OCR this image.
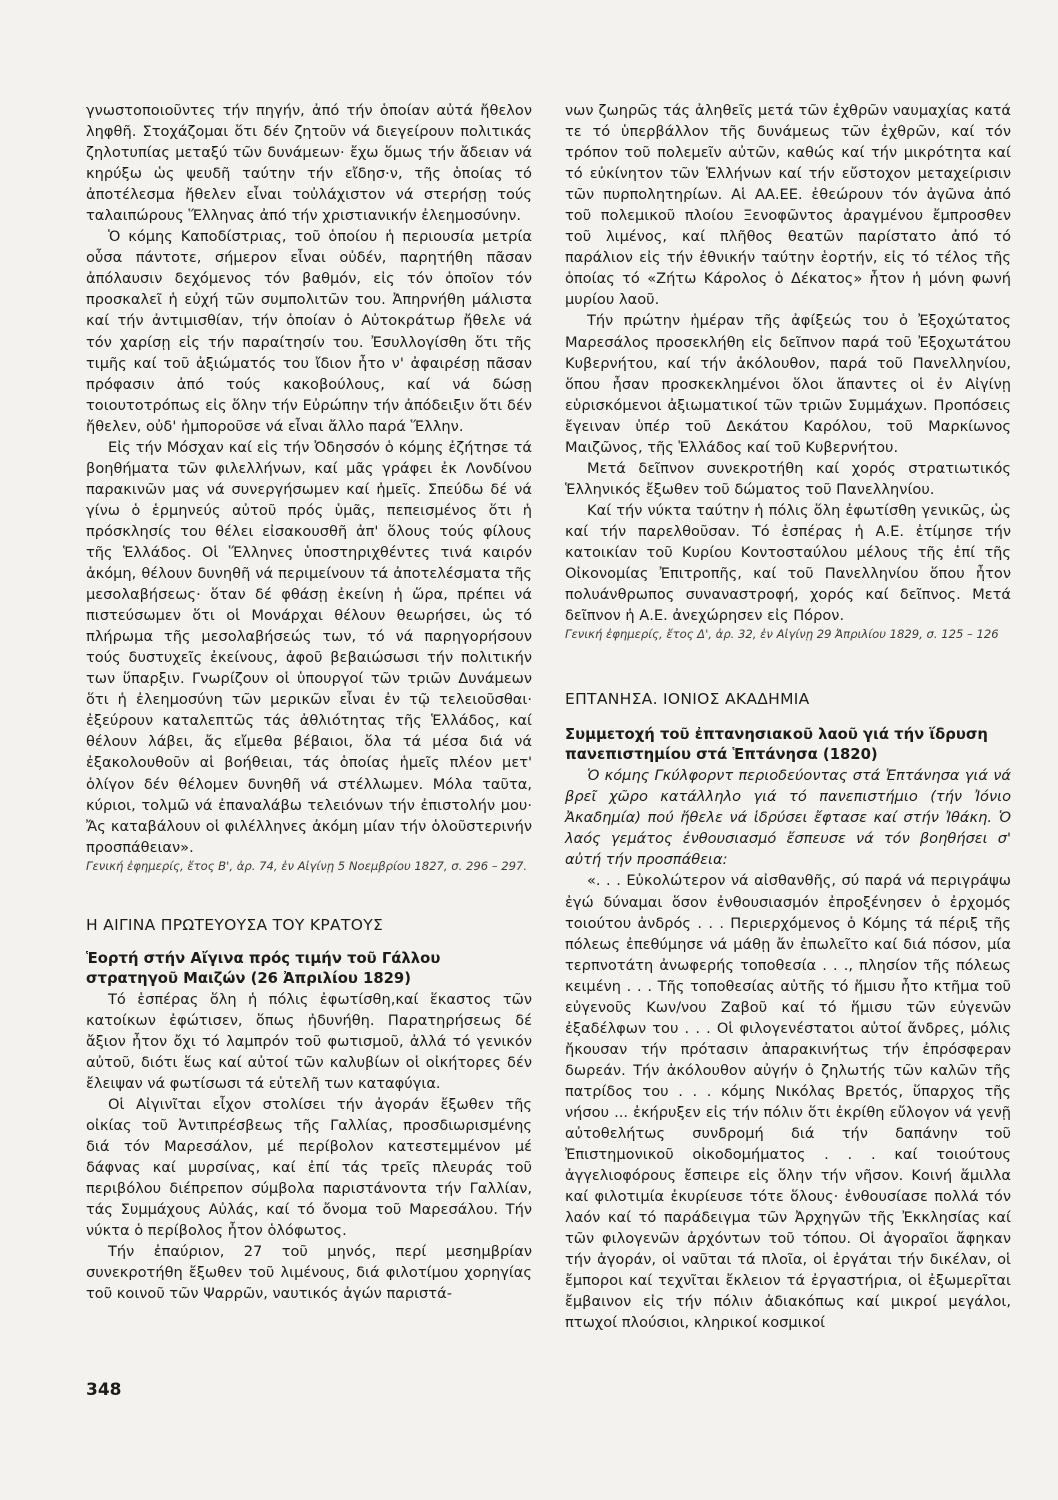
γνωστοποιοῦντες τήν πηγήν, ἀπό τήν ὁποίαν αὐτά ἤθελον ληφθῆ. Στοχάζομαι ὅτι δέν ζητοῦν νά διεγείρουν πολιτικάς ζηλοτυπίας μεταξύ τῶν δυνάμεων· ἔχω ὅμως τήν ἄδειαν νά κηρύξω ὡς ψευδῆ ταύτην τήν εἴδησ·ν, τῆς ὁποίας τό ἀποτέλεσμα ἤθελεν εἶναι τοὐλάχιστον νά στερήσῃ τούς ταλαιπώρους Ἕλληνας ἀπό τήν χριστιανικήν ἐλεημοσύνην.

Ὁ κόμης Καποδίστριας, τοῦ ὁποίου ἡ περιουσία μετρία οὖσα πάντοτε, σήμερον εἶναι οὐδέν, παρητήθη πᾶσαν ἀπόλαυσιν δεχόμενος τόν βαθμόν, εἰς τόν ὁποῖον τόν προσκαλεῖ ἡ εὐχή τῶν συμπολιτῶν του. Ἀπηρνήθη μάλιστα καί τήν ἀντιμισθίαν, τήν ὁποίαν ὁ Αὐτοκράτωρ ἤθελε νά τόν χαρίσῃ εἰς τήν παραίτησίν του. Ἐσυλλογίσθη ὅτι τῆς τιμῆς καί τοῦ ἀξιώματός του ἴδιον ἦτο ν' ἀφαιρέσῃ πᾶσαν πρόφασιν ἀπό τούς κακοβούλους, καί νά δώσῃ τοιουτοτρόπως εἰς ὅλην τήν Εὐρώπην τήν ἀπόδειξιν ὅτι δέν ἤθελεν, οὐδ' ἠμποροῦσε νά εἶναι ἄλλο παρά Ἕλλην.

Εἰς τήν Μόσχαν καί εἰς τήν Ὀδησσόν ὁ κόμης ἐζήτησε τά βοηθήματα τῶν φιλελλήνων, καί μᾶς γράφει ἐκ Λονδίνου παρακινῶν μας νά συνεργήσωμεν καί ἡμεῖς. Σπεύδω δέ νά γίνω ὁ ἑρμηνεύς αὐτοῦ πρός ὑμᾶς, πεπεισμένος ὅτι ἡ πρόσκλησίς του θέλει εἰσακουσθῆ ἀπ' ὅλους τούς φίλους τῆς Ἑλλάδος. Οἱ Ἕλληνες ὑποστηριχθέντες τινά καιρόν ἀκόμη, θέλουν δυνηθῆ νά περιμείνουν τά ἀποτελέσματα τῆς μεσολαβήσεως· ὅταν δέ φθάσῃ ἐκείνη ἡ ὥρα, πρέπει νά πιστεύσωμεν ὅτι οἱ Μονάρχαι θέλουν θεωρήσει, ὡς τό πλήρωμα τῆς μεσολαβήσεώς των, τό νά παρηγορήσουν τούς δυστυχεῖς ἐκείνους, ἀφοῦ βεβαιώσωσι τήν πολιτικήν των ὕπαρξιν. Γνωρίζουν οἱ ὑπουργοί τῶν τριῶν Δυνάμεων ὅτι ἡ ἐλεημοσύνη τῶν μερικῶν εἶναι ἐν τῷ τελειοῦσθαι· ἐξεύρουν καταλεπτῶς τάς ἀθλιότητας τῆς Ἑλλάδος, καί θέλουν λάβει, ἄς εἴμεθα βέβαιοι, ὅλα τά μέσα διά νά ἐξακολουθοῦν αἱ βοήθειαι, τάς ὁποίας ἡμεῖς πλέον μετ' ὀλίγον δέν θέλομεν δυνηθῆ νά στέλλωμεν. Μόλα ταῦτα, κύριοι, τολμῶ νά ἐπαναλάβω τελειόνων τήν ἐπιστολήν μου· Ἄς καταβάλουν οἱ φιλέλληνες ἀκόμη μίαν τήν ὁλοῦστερινήν προσπάθειαν».

Γενική ἐφημερίς, ἔτος Β', ἀρ. 74, ἐν Αἰγίνῃ 5 Νοεμβρίου 1827, σ. 296 – 297.

Η ΑΙΓΙΝΑ ΠΡΩΤΕΥΟΥΣΑ ΤΟΥ ΚΡΑΤΟΥΣ

Ἑορτή στήν Αἴγινα πρός τιμήν τοῦ Γάλλου στρατηγοῦ Μαιζών (26 Ἀπριλίου 1829)

Τό ἑσπέρας ὅλη ἡ πόλις ἐφωτίσθη,καί ἕκαστος τῶν κατοίκων ἐφώτισεν, ὅπως ἠδυνήθη. Παρατηρήσεως δέ ἄξιον ἦτον ὄχι τό λαμπρόν τοῦ φωτισμοῦ, ἀλλά τό γενικόν αὐτοῦ, διότι ἕως καί αὐτοί τῶν καλυβίων οἱ οἰκήτορες δέν ἔλειψαν νά φωτίσωσι τά εὐτελῆ των καταφύγια.

Οἱ Αἰγινῖται εἶχον στολίσει τήν ἀγοράν ἔξωθεν τῆς οἰκίας τοῦ Ἀντιπρέσβεως τῆς Γαλλίας, προσδιωρισμένης διά τόν Μαρεσάλον, μέ περίβολον κατεστεμμένον μέ δάφνας καί μυρσίνας, καί ἐπί τάς τρεῖς πλευράς τοῦ περιβόλου διέπρεπον σύμβολα παριστάνοντα τήν Γαλλίαν, τάς Συμμάχους Αὐλάς, καί τό ὄνομα τοῦ Μαρεσάλου. Τήν νύκτα ὁ περίβολος ἦτον ὁλόφωτος.

Τήν ἐπαύριον, 27 τοῦ μηνός, περί μεσημβρίαν συνεκροτήθη ἔξωθεν τοῦ λιμένους, διά φιλοτίμου χορηγίας τοῦ κοινοῦ τῶν Ψαρρῶν, ναυτικός ἀγών παριστά-

νων ζωηρῶς τάς ἀληθεῖς μετά τῶν ἐχθρῶν ναυμαχίας κατά τε τό ὑπερβάλλον τῆς δυνάμεως τῶν ἐχθρῶν, καί τόν τρόπον τοῦ πολεμεῖν αὐτῶν, καθώς καί τήν μικρότητα καί τό εὐκίνητον τῶν Ἑλλήνων καί τήν εὔστοχον μεταχείρισιν τῶν πυρπολητηρίων. Αἱ ΑΑ.ΕΕ. ἐθεώρουν τόν ἀγῶνα ἀπό τοῦ πολεμικοῦ πλοίου Ξενοφῶντος ἀραγμένου ἔμπροσθεν τοῦ λιμένος, καί πλῆθος θεατῶν παρίστατο ἀπό τό παράλιον εἰς τήν ἐθνικήν ταύτην ἑορτήν, εἰς τό τέλος τῆς ὁποίας τό «Ζήτω Κάρολος ὁ Δέκατος» ἦτον ἡ μόνη φωνή μυρίου λαοῦ.

Τήν πρώτην ἡμέραν τῆς ἀφίξεώς του ὁ Ἐξοχώτατος Μαρεσάλος προσεκλήθη εἰς δεῖπνον παρά τοῦ Ἐξοχωτάτου Κυβερνήτου, καί τήν ἀκόλουθον, παρά τοῦ Πανελληνίου, ὅπου ἦσαν προσκεκλημένοι ὅλοι ἅπαντες οἱ ἐν Αἰγίνῃ εὑρισκόμενοι ἀξιωματικοί τῶν τριῶν Συμμάχων. Προπόσεις ἔγειναν ὑπέρ τοῦ Δεκάτου Καρόλου, τοῦ Μαρκίωνος Μαιζῶνος, τῆς Ἑλλάδος καί τοῦ Κυβερνήτου.

Μετά δεῖπνον συνεκροτήθη καί χορός στρατιωτικός Ἑλληνικός ἔξωθεν τοῦ δώματος τοῦ Πανελληνίου.

Καί τήν νύκτα ταύτην ἡ πόλις ὅλη ἐφωτίσθη γενικῶς, ὡς καί τήν παρελθοῦσαν. Τό ἑσπέρας ἡ Α.Ε. ἐτίμησε τήν κατοικίαν τοῦ Κυρίου Κοντοσταύλου μέλους τῆς ἐπί τῆς Οἰκονομίας Ἐπιτροπῆς, καί τοῦ Πανελληνίου ὅπου ἦτον πολυάνθρωπος συναναστροφή, χορός καί δεῖπνος. Μετά δεῖπνον ἡ Α.Ε. ἀνεχώρησεν εἰς Πόρον.

Γενική ἐφημερίς, ἔτος Δ', ἀρ. 32, ἐν Αἰγίνῃ 29 Ἀπριλίου 1829, σ. 125 – 126

ΕΠΤΑΝΗΣΑ. ΙΟΝΙΟΣ ΑΚΑΔΗΜΙΑ

Συμμετοχή τοῦ ἐπτανησιακοῦ λαοῦ γιά τήν ἵδρυση πανεπιστημίου στά Ἑπτάνησα (1820)

Ὁ κόμης Γκύλφορντ περιοδεύοντας στά Ἑπτάνησα γιά νά βρεῖ χῶρο κατάλληλο γιά τό πανεπιστήμιο (τήν Ἰόνιο Ἀκαδημία) πού ἤθελε νά ἱδρύσει ἔφτασε καί στήν Ἰθάκη. Ὁ λαός γεμάτος ἐνθουσιασμό ἔσπευσε νά τόν βοηθήσει σ' αὐτή τήν προσπάθεια:

«. . . Εὐκολώτερον νά αἰσθανθῆς, σύ παρά νά περιγράψω ἐγώ δύναμαι ὅσον ἐνθουσιασμόν ἐπροξένησεν ὁ ἐρχομός τοιούτου ἀνδρός . . . Περιερχόμενος ὁ Κόμης τά πέριξ τῆς πόλεως ἐπεθύμησε νά μάθῃ ἄν ἐπωλεῖτο καί διά πόσον, μία τερπνοτάτη ἀνωφερής τοποθεσία . . ., πλησίον τῆς πόλεως κειμένη . . . Τῆς τοποθεσίας αὐτῆς τό ἥμισυ ἦτο κτῆμα τοῦ εὐγενοῦς Κων/νου Ζαβοῦ καί τό ἥμισυ τῶν εὐγενῶν ἐξαδέλφων του . . . Οἱ φιλογενέστατοι αὐτοί ἄνδρες, μόλις ἤκουσαν τήν πρότασιν ἀπαρακινήτως τήν ἐπρόσφεραν δωρεάν. Τήν ἀκόλουθον αὐγήν ὁ ζηλωτής τῶν καλῶν τῆς πατρίδος του . . . κόμης Νικόλας Βρετός, ὕπαρχος τῆς νήσου ... ἐκήρυξεν εἰς τήν πόλιν ὅτι ἐκρίθη εὔλογον νά γενῇ αὐτοθελήτως συνδρομή διά τήν δαπάνην τοῦ Ἐπιστημονικοῦ οἰκοδομήματος . . . καί τοιούτους ἀγγελιοφόρους ἔσπειρε εἰς ὅλην τήν νῆσον. Κοινή ἅμιλλα καί φιλοτιμία ἐκυρίευσε τότε ὅλους· ἐνθουσίασε πολλά τόν λαόν καί τό παράδειγμα τῶν Ἀρχηγῶν τῆς Ἐκκλησίας καί τῶν φιλογενῶν ἀρχόντων τοῦ τόπου. Οἱ ἀγοραῖοι ἄφηκαν τήν ἀγοράν, οἱ ναῦται τά πλοῖα, οἱ ἐργάται τήν δικέλαν, οἱ ἔμποροι καί τεχνῖται ἔκλειον τά ἐργαστήρια, οἱ ἐξωμερῖται ἔμβαινον εἰς τήν πόλιν ἀδιακόπως καί μικροί μεγάλοι, πτωχοί πλούσιοι, κληρικοί κοσμικοί

348
